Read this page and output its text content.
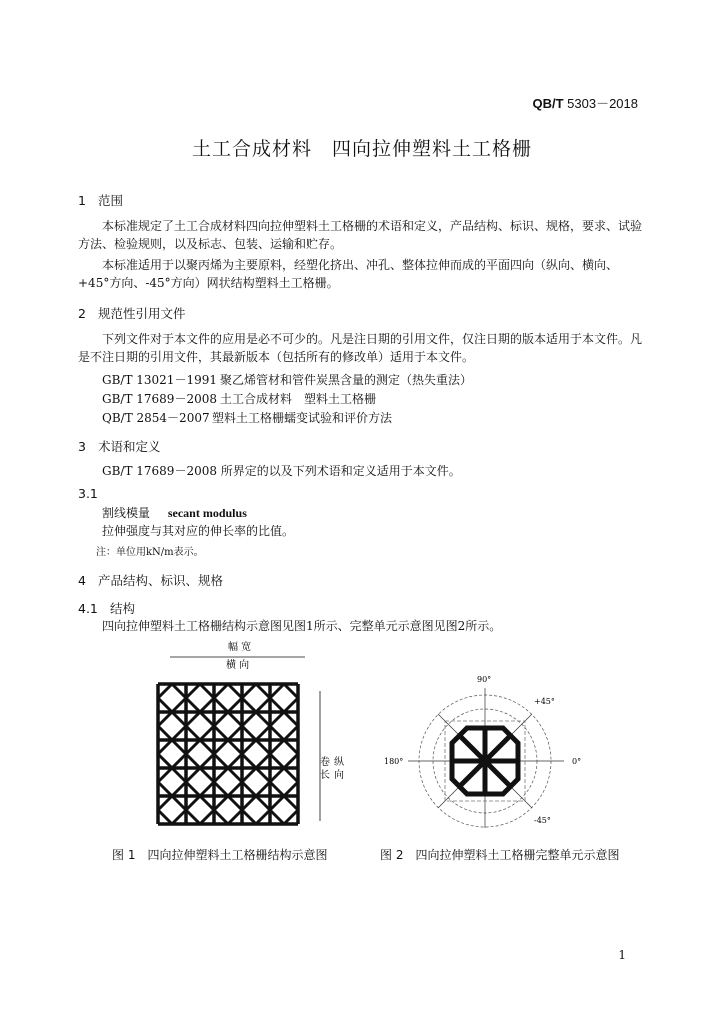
QB/T 5303－2018
土工合成材料　四向拉伸塑料土工格栅
1 范围
本标准规定了土工合成材料四向拉伸塑料土工格栅的术语和定义，产品结构、标识、规格，要求、试验方法、检验规则，以及标志、包装、运输和贮存。
本标准适用于以聚丙烯为主要原料，经塑化挤出、冲孔、整体拉伸而成的平面四向（纵向、横向、+45°方向、-45°方向）网状结构塑料土工格栅。
2 规范性引用文件
下列文件对于本文件的应用是必不可少的。凡是注日期的引用文件，仅注日期的版本适用于本文件。凡是不注日期的引用文件，其最新版本（包括所有的修改单）适用于本文件。
GB/T 13021－1991 聚乙烯管材和管件炭黑含量的测定（热失重法）
GB/T 17689－2008 土工合成材料　塑料土工格栅
QB/T 2854－2007 塑料土工格栅蠕变试验和评价方法
3 术语和定义
GB/T 17689－2008 所界定的以及下列术语和定义适用于本文件。
3.1
割线模量 secant modulus
拉伸强度与其对应的伸长率的比值。
注：单位用kN/m表示。
4 产品结构、标识、规格
4.1 结构
四向拉伸塑料土工格栅结构示意图见图1所示、完整单元示意图见图2所示。
幅 宽
横 向
卷 长 纵 向
图 1　四向拉伸塑料土工格栅结构示意图
90°
+45°
180°	0°
-45°
图 2　四向拉伸塑料土工格栅完整单元示意图
1
